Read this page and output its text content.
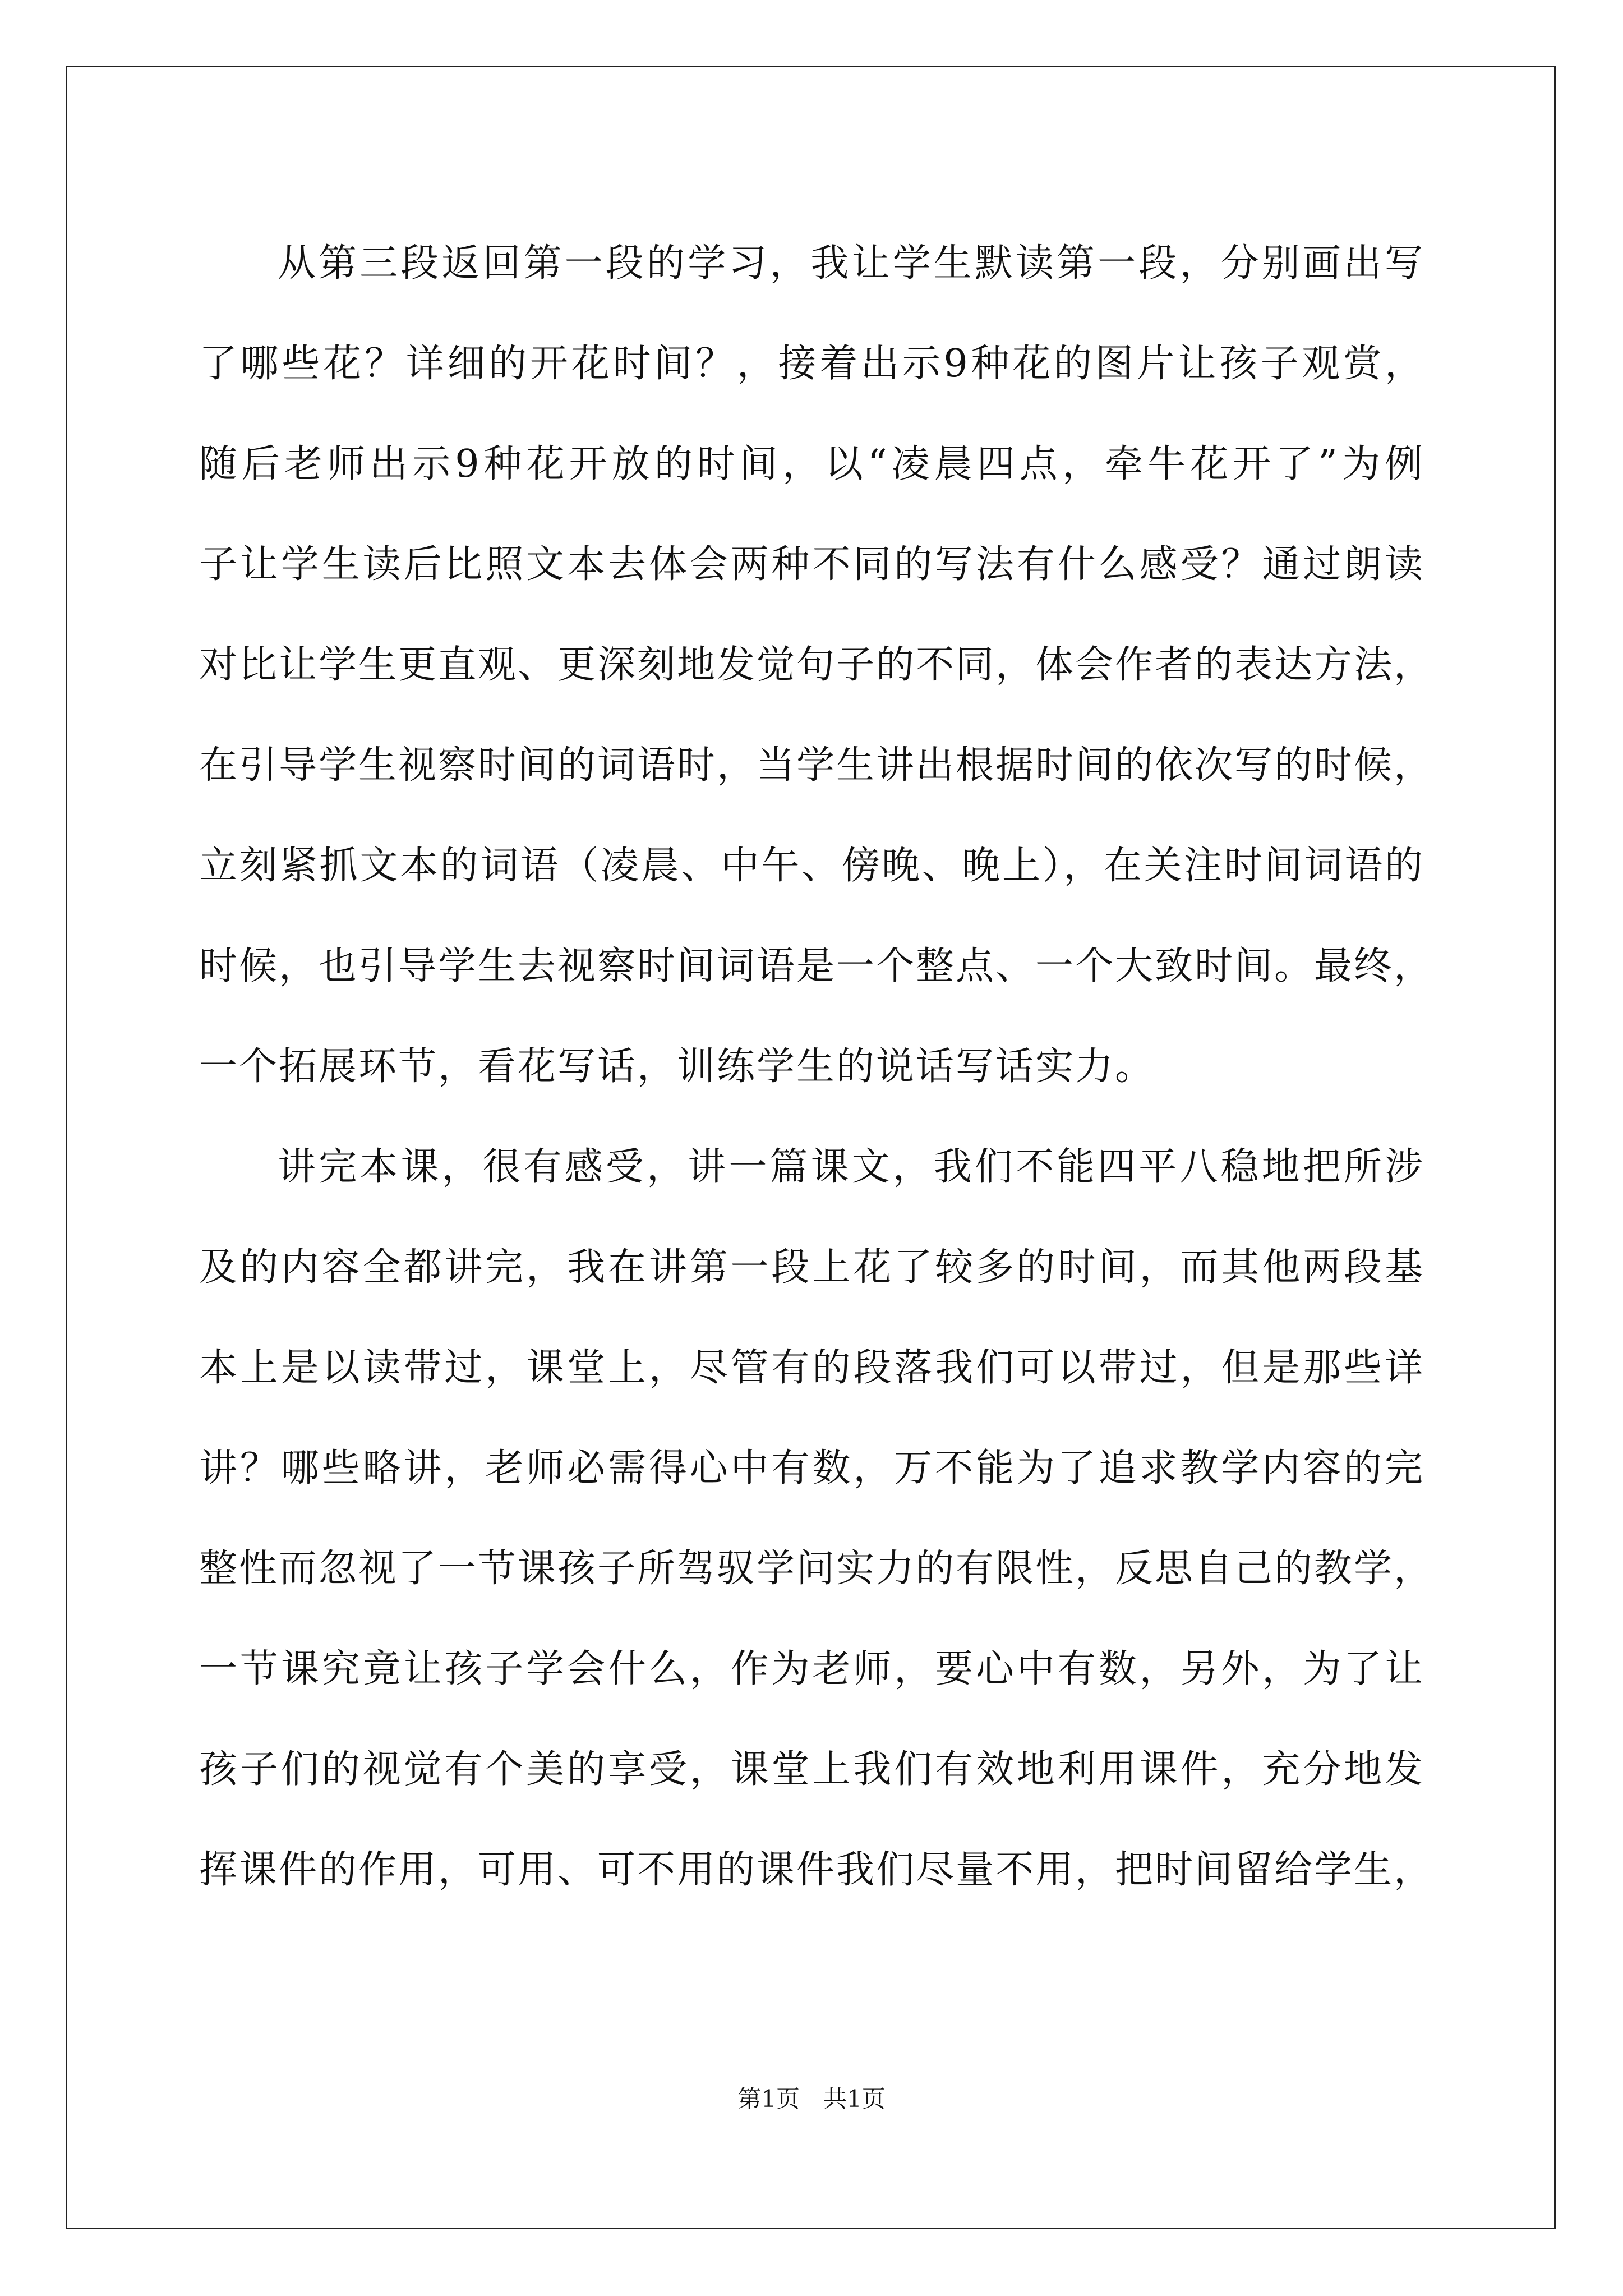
从第三段返回第一段的学习，我让学生默读第一段，分别画出写
了哪些花？详细的开花时间？，接着出示9种花的图片让孩子观赏，
随后老师出示9种花开放的时间，以“凌晨四点，牵牛花开了”为例
子让学生读后比照文本去体会两种不同的写法有什么感受？通过朗读
对比让学生更直观、更深刻地发觉句子的不同，体会作者的表达方法，
在引导学生视察时间的词语时，当学生讲出根据时间的依次写的时候，
立刻紧抓文本的词语（凌晨、中午、傍晚、晚上），在关注时间词语的
时候，也引导学生去视察时间词语是一个整点、一个大致时间。最终，
一个拓展环节，看花写话，训练学生的说话写话实力。
讲完本课，很有感受，讲一篇课文，我们不能四平八稳地把所涉
及的内容全都讲完，我在讲第一段上花了较多的时间，而其他两段基
本上是以读带过，课堂上，尽管有的段落我们可以带过，但是那些详
讲？哪些略讲，老师必需得心中有数，万不能为了追求教学内容的完
整性而忽视了一节课孩子所驾驭学问实力的有限性，反思自己的教学，
一节课究竟让孩子学会什么，作为老师，要心中有数，另外，为了让
孩子们的视觉有个美的享受，课堂上我们有效地利用课件，充分地发
挥课件的作用，可用、可不用的课件我们尽量不用，把时间留给学生，
第1页　共1页
